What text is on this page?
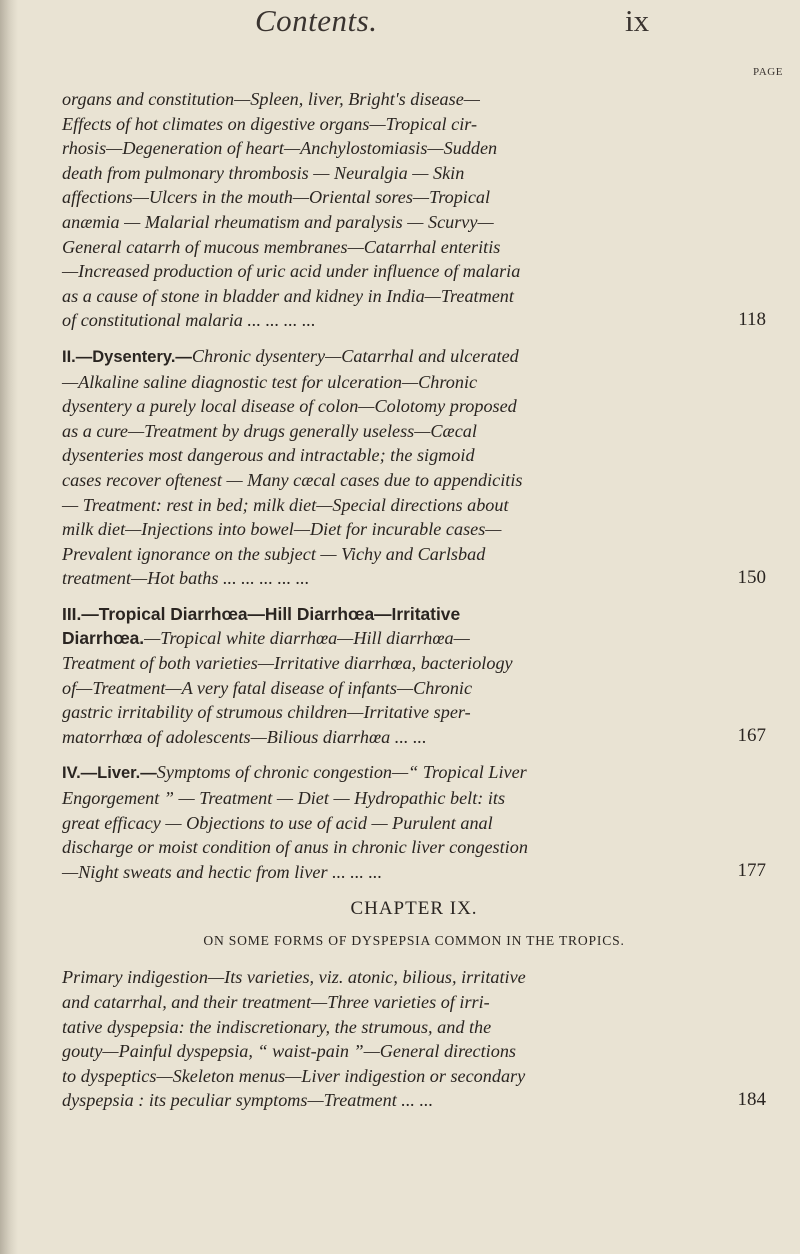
Contents.	ix
PAGE
organs and constitution—Spleen, liver, Bright's disease—
Effects of hot climates on digestive organs—Tropical cir-
rhosis—Degeneration of heart—Anchylostomiasis—Sudden
death from pulmonary thrombosis — Neuralgia — Skin
affections—Ulcers in the mouth—Oriental sores—Tropical
anæmia — Malarial rheumatism and paralysis — Scurvy—
General catarrh of mucous membranes—Catarrhal enteritis
—Increased production of uric acid under influence of malaria
as a cause of stone in bladder and kidney in India—Treatment
of constitutional malaria ... ... ... ...	118
II.—Dysentery.—Chronic dysentery—Catarrhal and ulcerated
—Alkaline saline diagnostic test for ulceration—Chronic
dysentery a purely local disease of colon—Colotomy proposed
as a cure—Treatment by drugs generally useless—Cæcal
dysenteries most dangerous and intractable; the sigmoid
cases recover oftenest — Many cæcal cases due to appendicitis
— Treatment: rest in bed; milk diet—Special directions about
milk diet—Injections into bowel—Diet for incurable cases—
Prevalent ignorance on the subject — Vichy and Carlsbad
treatment—Hot baths ... ... ... ... ...	150
III.—Tropical Diarrhœa—Hill Diarrhœa—Irritative
Diarrhœa.—Tropical white diarrhœa—Hill diarrhœa—
Treatment of both varieties—Irritative diarrhœa, bacteriology
of—Treatment—A very fatal disease of infants—Chronic
gastric irritability of strumous children—Irritative sper-
matorrhœa of adolescents—Bilious diarrhœa ... ...	167
IV.—Liver.—Symptoms of chronic congestion—“ Tropical Liver
Engorgement ” — Treatment — Diet — Hydropathic belt: its
great efficacy — Objections to use of acid — Purulent anal
discharge or moist condition of anus in chronic liver congestion
—Night sweats and hectic from liver ... ... ...	177
CHAPTER IX.
ON SOME FORMS OF DYSPEPSIA COMMON IN THE TROPICS.
Primary indigestion—Its varieties, viz. atonic, bilious, irritative
and catarrhal, and their treatment—Three varieties of irri-
tative dyspepsia: the indiscretionary, the strumous, and the
gouty—Painful dyspepsia, “ waist-pain ”—General directions
to dyspeptics—Skeleton menus—Liver indigestion or secondary
dyspepsia : its peculiar symptoms—Treatment ... ...	184
